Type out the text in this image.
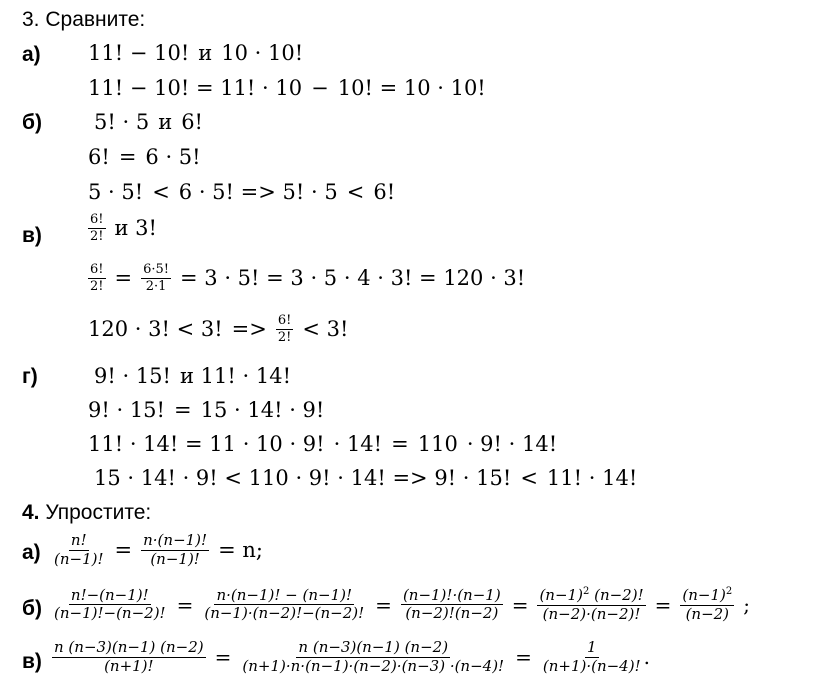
3. Сравните:
а) 11! − 10! и 10 · 10!
11! − 10! = 11! · 10 − 10! = 10 · 10!
б) 5! · 5 и 6!
6! = 6 · 5!
5 · 5! < 6 · 5! => 5! · 5 < 6!
в)	$\frac{6!}{2!}$ и 3!
$\frac{6!}{2!} = \frac{6\cdot 5!}{2\cdot 1} = 3 \cdot 5$! = 3 · 5 · 4 · 3! = 120 · 3!
120 · 3! < 3! => $\frac{6!}{2!} < 3$!
г)	9! · 15! и 11! · 14!
9! · 15! = 15 · 14! · 9!
11! · 14! = 11 · 10 · 9! · 14! = 110 · 9! · 14!
15 · 14! · 9! < 110 · 9! · 14! => 9! · 15! < 11! · 14!
4. Упростите:
$а) \frac{n!}{(n-1)!} = \frac{n\cdot(n-1)!}{(n-1)!} = n$;
$б) \frac{n!-(n-1)!}{(n-1)!-(n-2)!} = \frac{n\cdot(n-1)! - (n-1)!}{(n-1)\cdot(n-2)!-(n-2)!} = \frac{(n-1)!\cdot(n-1)}{(n-2)!(n-2)} = \frac{(n-1)^2 (n-2)!}{(n-2)\cdot(n-2)!} = \frac{(n-1)^2}{(n-2)}$ ;
$в) \frac{n (n-3)(n-1) (n-2)}{(n+1)!} = \frac{n (n-3)(n-1) (n-2)}{(n+1)\cdot n\cdot(n-1)\cdot(n-2)\cdot(n-3) \cdot(n-4)!} = \frac{1}{(n+1)\cdot(n-4)!}$ .
